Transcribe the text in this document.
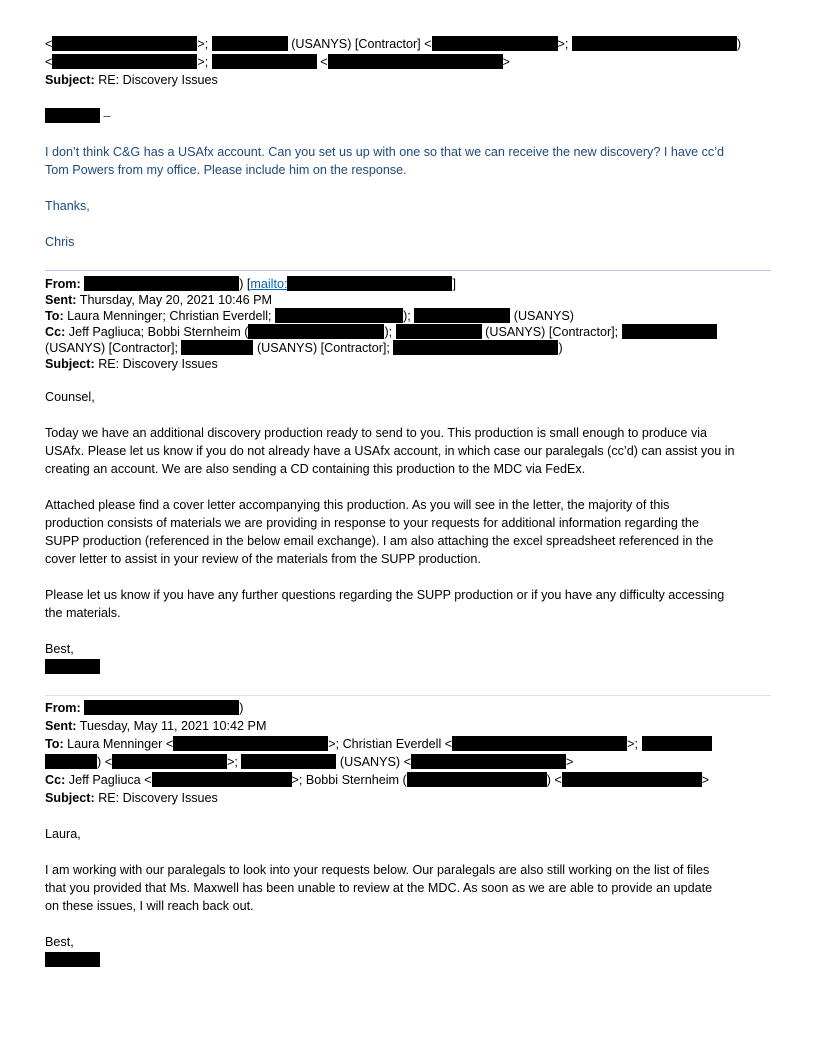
<	>;	(USANYS) [Contractor] <	>;	)
<	>;	<	>
Subject: RE: Discovery Issues
–
I don’t think C&G has a USAfx account. Can you set us up with one so that we can receive the new discovery? I have cc’d
Tom Powers from my office. Please include him on the response.
Thanks,
Chris
From:	) [mailto:	]
Sent: Thursday, May 20, 2021 10:46 PM
To: Laura Menninger; Christian Everdell;	);	(USANYS)
Cc: Jeff Pagliuca; Bobbi Sternheim (	);	(USANYS) [Contractor];
(USANYS) [Contractor];	(USANYS) [Contractor];	)
Subject: RE: Discovery Issues
Counsel,
Today we have an additional discovery production ready to send to you. This production is small enough to produce via
USAfx. Please let us know if you do not already have a USAfx account, in which case our paralegals (cc’d) can assist you in
creating an account. We are also sending a CD containing this production to the MDC via FedEx.
Attached please find a cover letter accompanying this production. As you will see in the letter, the majority of this
production consists of materials we are providing in response to your requests for additional information regarding the
SUPP production (referenced in the below email exchange). I am also attaching the excel spreadsheet referenced in the
cover letter to assist in your review of the materials from the SUPP production.
Please let us know if you have any further questions regarding the SUPP production or if you have any difficulty accessing
the materials.
Best,
From:	)
Sent: Tuesday, May 11, 2021 10:42 PM
To: Laura Menninger <	>; Christian Everdell <	>;
) <	>;	(USANYS) <	>
Cc: Jeff Pagliuca <	>; Bobbi Sternheim (	) <	>
Subject: RE: Discovery Issues
Laura,
I am working with our paralegals to look into your requests below. Our paralegals are also still working on the list of files
that you provided that Ms. Maxwell has been unable to review at the MDC. As soon as we are able to provide an update
on these issues, I will reach back out.
Best,
